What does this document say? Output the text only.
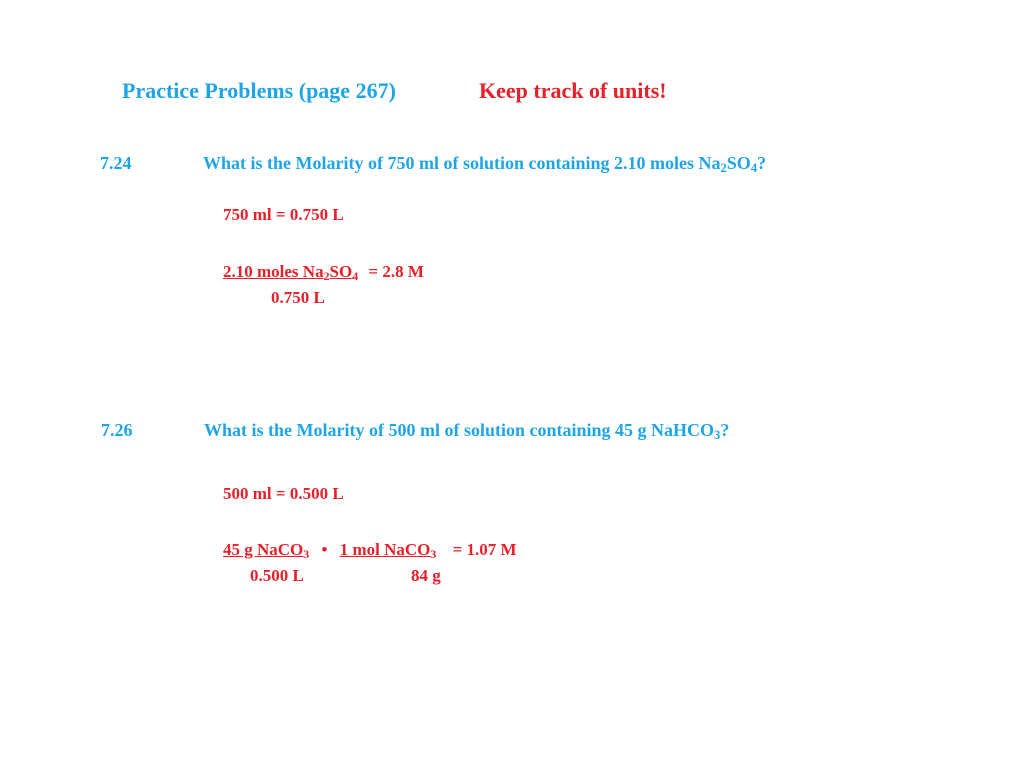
Practice Problems (page 267)	Keep track of units!
7.24	What is the Molarity of 750 ml of solution containing 2.10 moles $Na_2SO_4$?
750 ml = 0.750 L
2.10 moles $Na_2SO_4 = 2.8$ M
0.750 L
7.26	What is the Molarity of 500 ml of solution containing 45 g NaHCO$_3$?
500 ml = 0.500 L
45 g NaCO$_3$ • 1 mol NaCO$_3$ = 1.07 M
0.500 L	84 g
